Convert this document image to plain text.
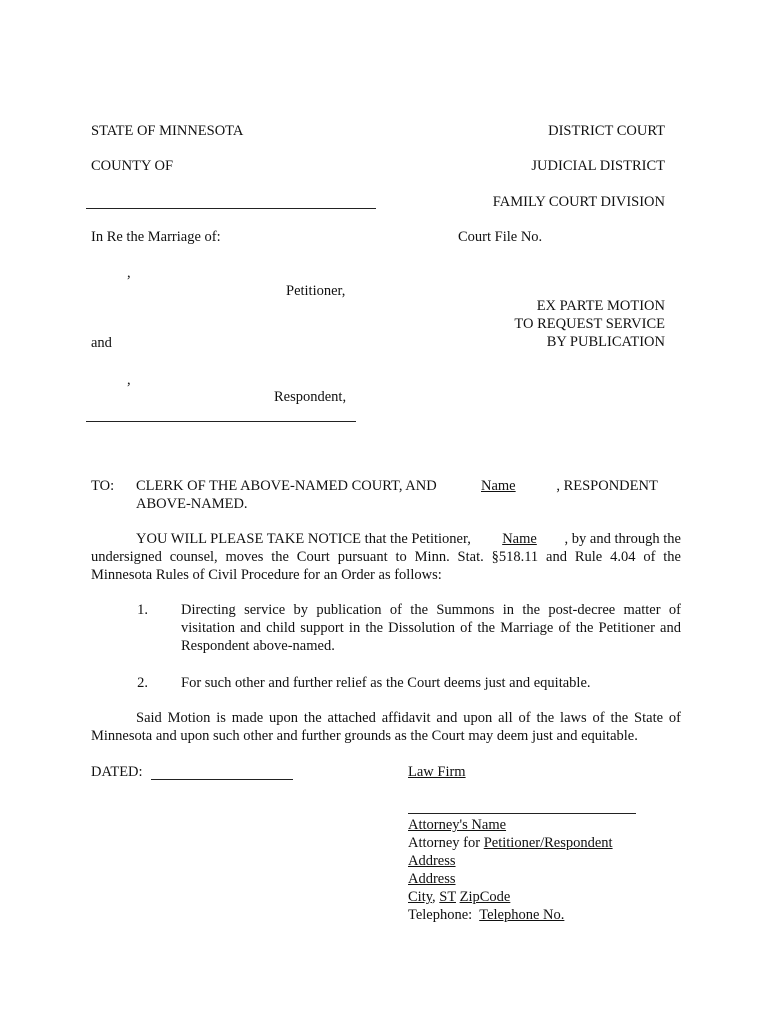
STATE OF MINNESOTA	DISTRICT COURT
COUNTY OF	JUDICIAL DISTRICT
FAMILY COURT DIVISION
In Re the Marriage of:	Court File No.
,
Petitioner,
EX PARTE MOTION
TO REQUEST SERVICE
BY PUBLICATION
and
,
Respondent,
TO: CLERK OF THE ABOVE-NAMED COURT, AND	Name	, RESPONDENT
ABOVE-NAMED.
YOU WILL PLEASE TAKE NOTICE that the Petitioner, Name , by and through the undersigned counsel, moves the Court pursuant to Minn. Stat. §518.11 and Rule 4.04 of the Minnesota Rules of Civil Procedure for an Order as follows:
1. Directing service by publication of the Summons in the post-decree matter of visitation and child support in the Dissolution of the Marriage of the Petitioner and Respondent above-named.
2. For such other and further relief as the Court deems just and equitable.
Said Motion is made upon the attached affidavit and upon all of the laws of the State of Minnesota and upon such other and further grounds as the Court may deem just and equitable.
DATED:	Law Firm
Attorney's Name
Attorney for Petitioner/Respondent
Address
Address
City, ST ZipCode
Telephone: Telephone No.
